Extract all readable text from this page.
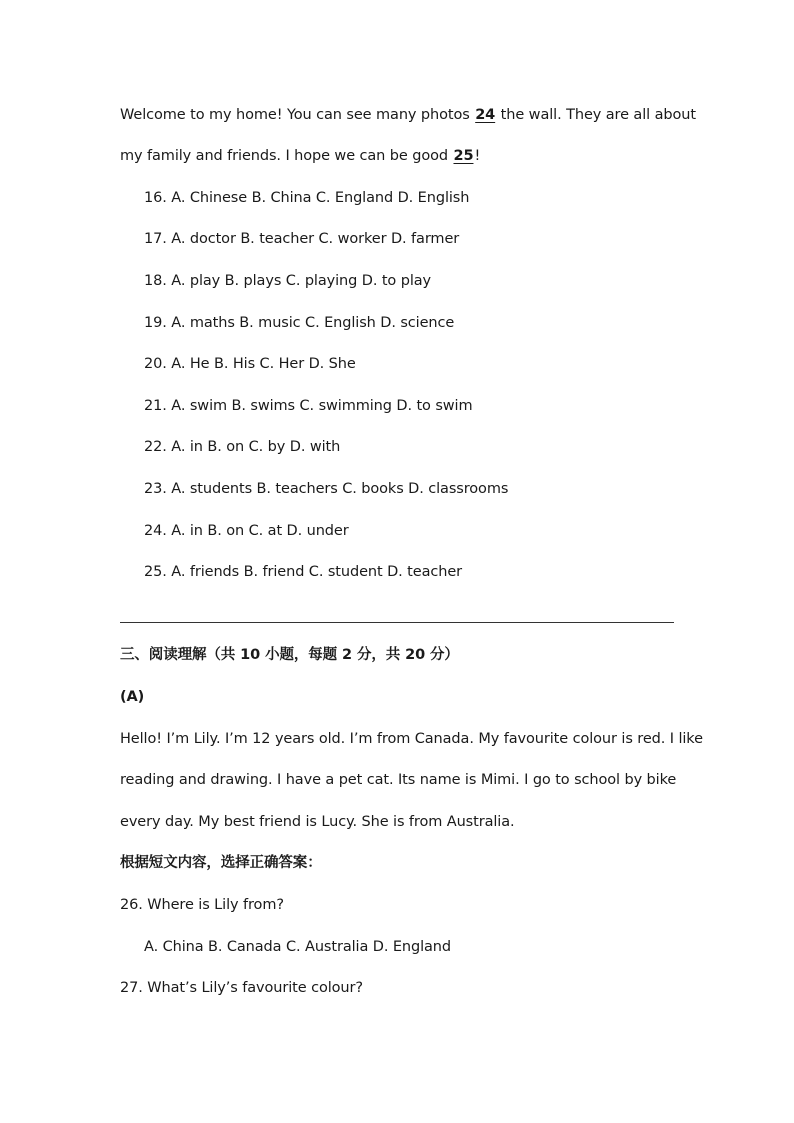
Welcome to my home! You can see many photos 24 the wall. They are all about
my family and friends. I hope we can be good 25!
16. A. Chinese B. China C. England D. English
17. A. doctor B. teacher C. worker D. farmer
18. A. play B. plays C. playing D. to play
19. A. maths B. music C. English D. science
20. A. He B. His C. Her D. She
21. A. swim B. swims C. swimming D. to swim
22. A. in B. on C. by D. with
23. A. students B. teachers C. books D. classrooms
24. A. in B. on C. at D. under
25. A. friends B. friend C. student D. teacher
三、阅读理解（共 10 小题，每题 2 分，共 20 分）
(A)
Hello! I’m Lily. I’m 12 years old. I’m from Canada. My favourite colour is red. I like
reading and drawing. I have a pet cat. Its name is Mimi. I go to school by bike
every day. My best friend is Lucy. She is from Australia.
根据短文内容，选择正确答案：
26. Where is Lily from?
A. China B. Canada C. Australia D. England
27. What’s Lily’s favourite colour?
